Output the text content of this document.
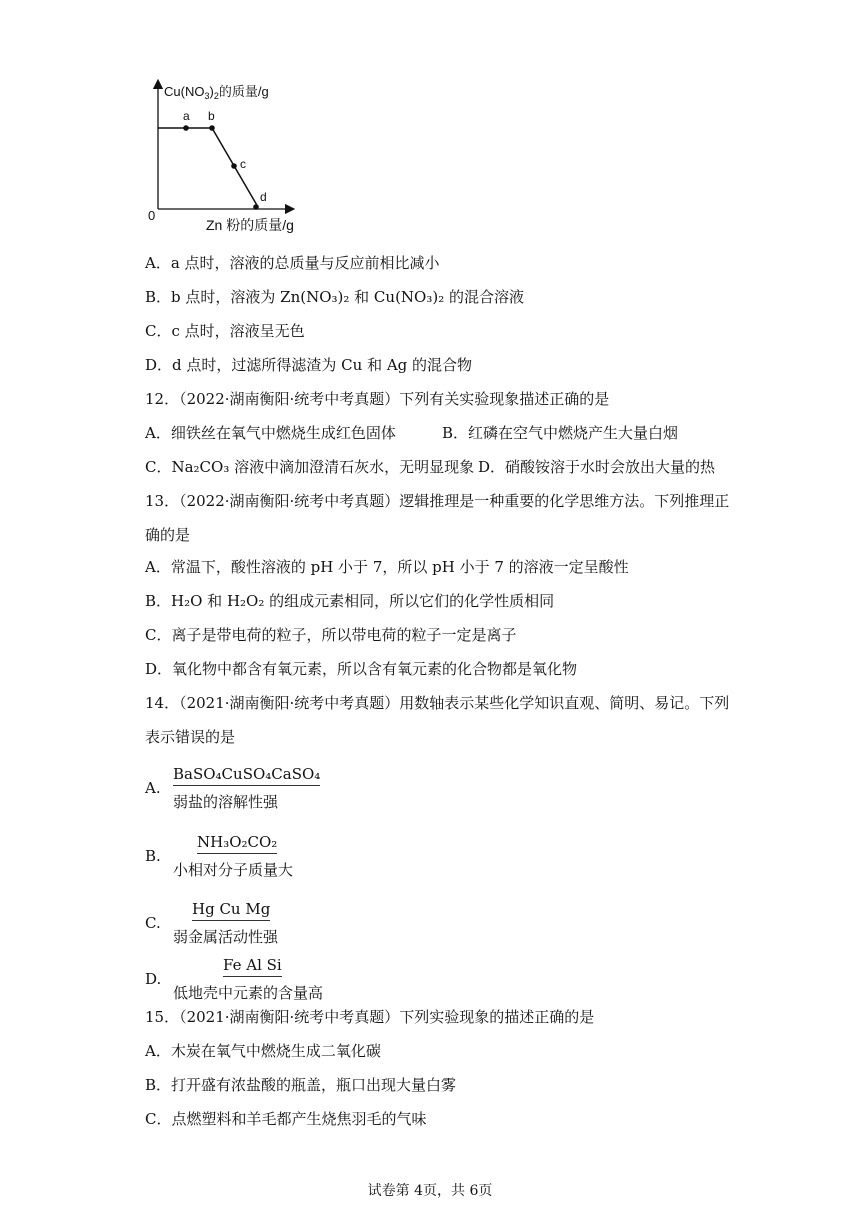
$Cu(NO_3)_2$的质量/g
0
Zn 粉的质量/g
a b
c
d
A．a 点时，溶液的总质量与反应前相比减小
B．b 点时，溶液为 Zn(NO₃)₂ 和 Cu(NO₃)₂ 的混合溶液
C．c 点时，溶液呈无色
D．d 点时，过滤所得滤渣为 Cu 和 Ag 的混合物
12．（2022·湖南衡阳·统考中考真题）下列有关实验现象描述正确的是
A．细铁丝在氧气中燃烧生成红色固体	B．红磷在空气中燃烧产生大量白烟
C．Na₂CO₃ 溶液中滴加澄清石灰水，无明显现象 D．硝酸铵溶于水时会放出大量的热
13．（2022·湖南衡阳·统考中考真题）逻辑推理是一种重要的化学思维方法。下列推理正
确的是
A．常温下，酸性溶液的 pH 小于 7，所以 pH 小于 7 的溶液一定呈酸性
B．H₂O 和 H₂O₂ 的组成元素相同，所以它们的化学性质相同
C．离子是带电荷的粒子，所以带电荷的粒子一定是离子
D．氧化物中都含有氧元素，所以含有氧元素的化合物都是氧化物
14．（2021·湖南衡阳·统考中考真题）用数轴表示某些化学知识直观、简明、易记。下列
表示错误的是
A.
BaSO₄CuSO₄CaSO₄
弱盐的溶解性强
B.
NH₃O₂CO₂
小相对分子质量大
C.
Hg Cu Mg
弱金属活动性强
D.
Fe Al Si
低地壳中元素的含量高
15．（2021·湖南衡阳·统考中考真题）下列实验现象的描述正确的是
A．木炭在氧气中燃烧生成二氧化碳
B．打开盛有浓盐酸的瓶盖，瓶口出现大量白雾
C．点燃塑料和羊毛都产生烧焦羽毛的气味
试卷第 4页，共 6页
